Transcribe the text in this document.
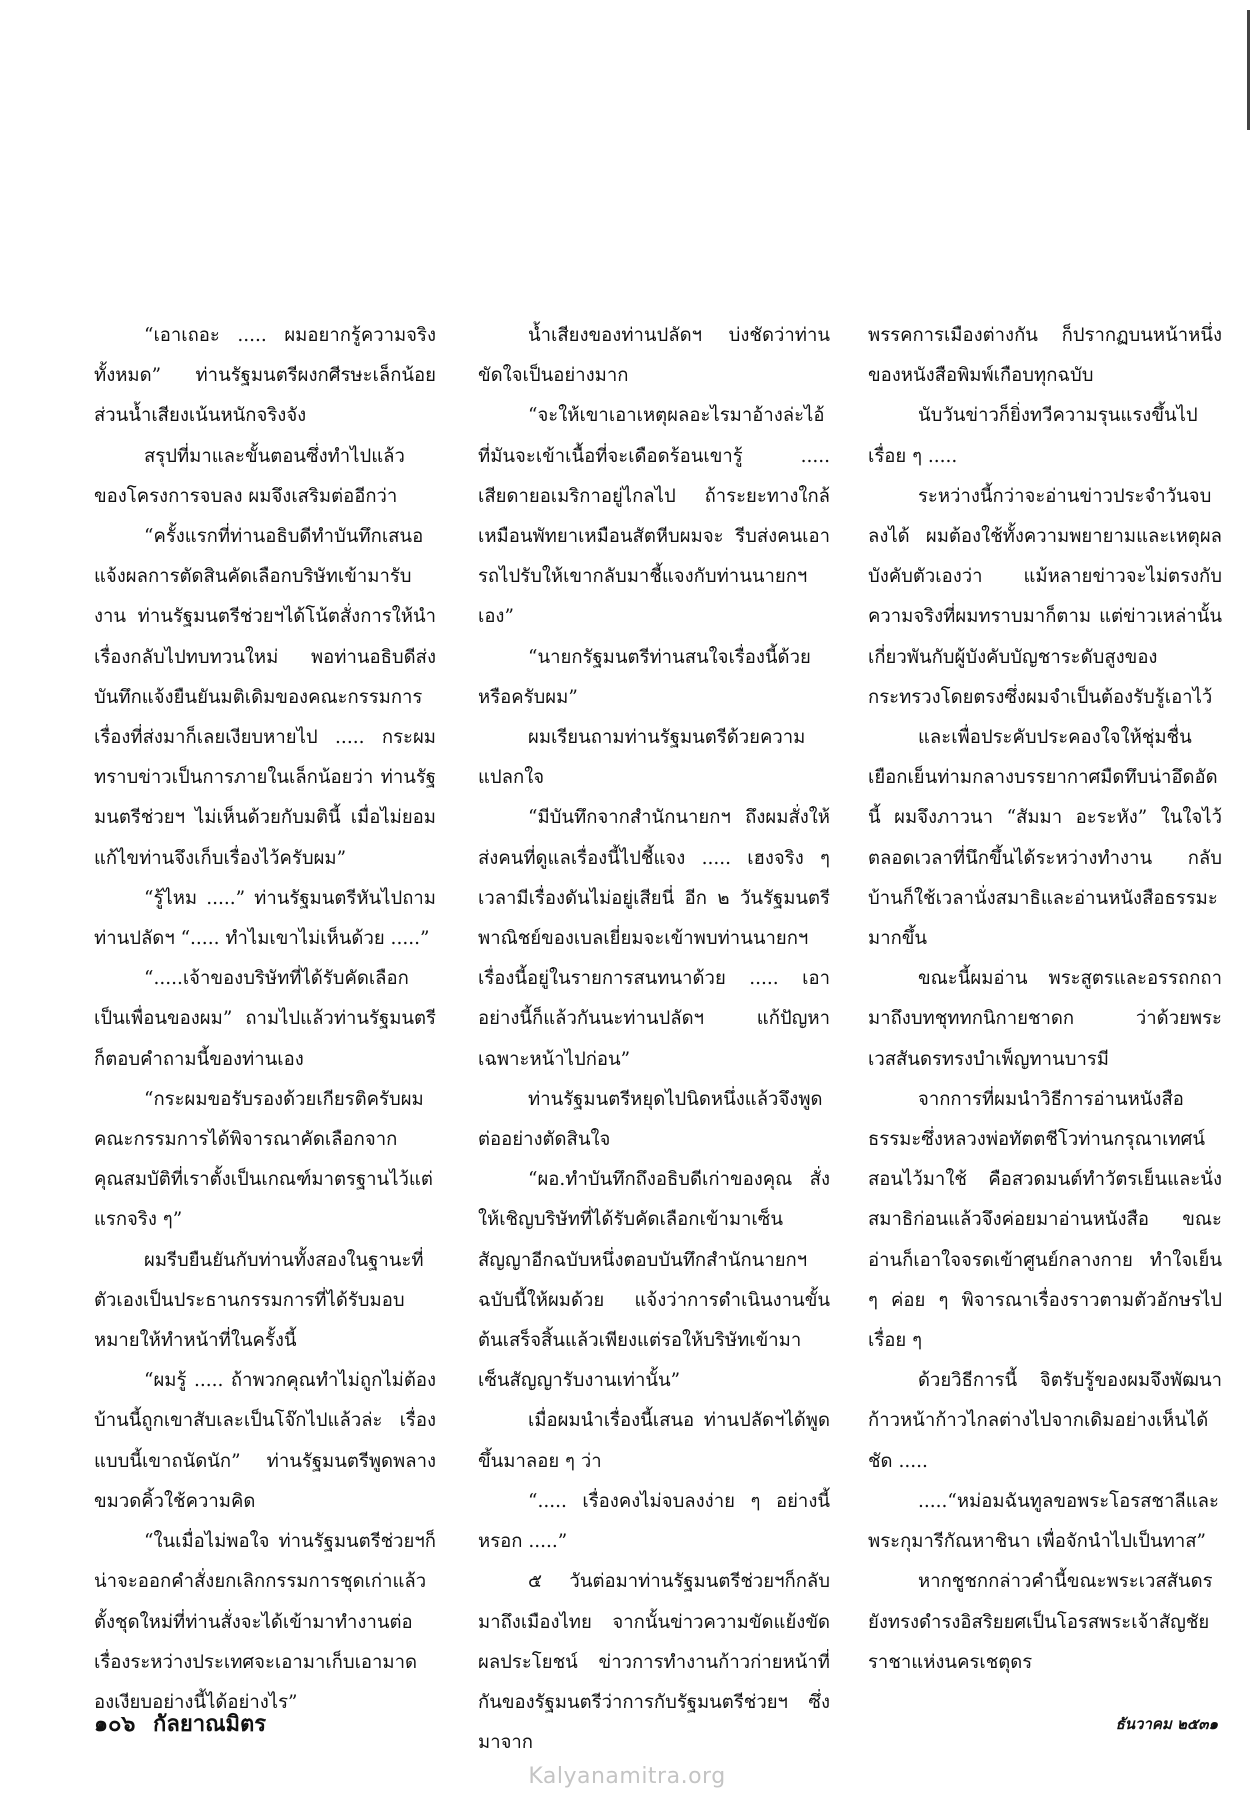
“เอาเถอะ ..... ผมอยากรู้ความจริงทั้งหมด” ท่านรัฐมนตรีผงกศีรษะเล็กน้อย ส่วนน้ำเสียงเน้นหนักจริงจัง

สรุปที่มาและขั้นตอนซึ่งทำไปแล้วของโครงการจบลง ผมจึงเสริมต่ออีกว่า

“ครั้งแรกที่ท่านอธิบดีทำบันทึกเสนอแจ้งผลการตัดสินคัดเลือกบริษัทเข้ามารับงาน ท่านรัฐมนตรีช่วยฯได้โน้ตสั่งการให้นำเรื่องกลับไปทบทวนใหม่ พอท่านอธิบดีส่งบันทึกแจ้งยืนยันมติเดิมของคณะกรรมการ เรื่องที่ส่งมาก็เลยเงียบหายไป ..... กระผมทราบข่าวเป็นการภายในเล็กน้อยว่า ท่านรัฐมนตรีช่วยฯ ไม่เห็นด้วยกับมตินี้ เมื่อไม่ยอมแก้ไขท่านจึงเก็บเรื่องไว้ครับผม”

“รู้ไหม .....” ท่านรัฐมนตรีหันไปถามท่านปลัดฯ “..... ทำไมเขาไม่เห็นด้วย .....”

“.....เจ้าของบริษัทที่ได้รับคัดเลือกเป็นเพื่อนของผม” ถามไปแล้วท่านรัฐมนตรีก็ตอบคำถามนี้ของท่านเอง

“กระผมขอรับรองด้วยเกียรติครับผม คณะกรรมการได้พิจารณาคัดเลือกจากคุณสมบัติที่เราตั้งเป็นเกณฑ์มาตรฐานไว้แต่แรกจริง ๆ”

ผมรีบยืนยันกับท่านทั้งสองในฐานะที่ตัวเองเป็นประธานกรรมการที่ได้รับมอบหมายให้ทำหน้าที่ในครั้งนี้

“ผมรู้ ..... ถ้าพวกคุณทำไม่ถูกไม่ต้องบ้านนี้ถูกเขาสับเละเป็นโจ๊กไปแล้วล่ะ เรื่องแบบนี้เขาถนัดนัก” ท่านรัฐมนตรีพูดพลางขมวดคิ้วใช้ความคิด

“ในเมื่อไม่พอใจ ท่านรัฐมนตรีช่วยฯก็น่าจะออกคำสั่งยกเลิกกรรมการชุดเก่าแล้วตั้งชุดใหม่ที่ท่านสั่งจะได้เข้ามาทำงานต่อ เรื่องระหว่างประเทศจะเอามาเก็บเอามาดองเงียบอย่างนี้ได้อย่างไร”

น้ำเสียงของท่านปลัดฯ บ่งชัดว่าท่านขัดใจเป็นอย่างมาก

“จะให้เขาเอาเหตุผลอะไรมาอ้างล่ะไอ้ที่มันจะเข้าเนื้อที่จะเดือดร้อนเขารู้ ..... เสียดายอเมริกาอยู่ไกลไป ถ้าระยะทางใกล้เหมือนพัทยาเหมือนสัตหีบผมจะ รีบส่งคนเอารถไปรับให้เขากลับมาชี้แจงกับท่านนายกฯเอง”

“นายกรัฐมนตรีท่านสนใจเรื่องนี้ด้วยหรือครับผม”

ผมเรียนถามท่านรัฐมนตรีด้วยความแปลกใจ

“มีบันทึกจากสำนักนายกฯ ถึงผมสั่งให้ส่งคนที่ดูแลเรื่องนี้ไปชี้แจง ..... เฮงจริง ๆ เวลามีเรื่องดันไม่อยู่เสียนี่ อีก ๒ วันรัฐมนตรีพาณิชย์ของเบลเยี่ยมจะเข้าพบท่านนายกฯ เรื่องนี้อยู่ในรายการสนทนาด้วย ..... เอาอย่างนี้ก็แล้วกันนะท่านปลัดฯ แก้ปัญหาเฉพาะหน้าไปก่อน”

ท่านรัฐมนตรีหยุดไปนิดหนึ่งแล้วจึงพูดต่ออย่างตัดสินใจ

“ผอ.ทำบันทึกถึงอธิบดีเก่าของคุณ สั่งให้เชิญบริษัทที่ได้รับคัดเลือกเข้ามาเซ็นสัญญาอีกฉบับหนึ่งตอบบันทึกสำนักนายกฯฉบับนี้ให้ผมด้วย แจ้งว่าการดำเนินงานขั้นต้นเสร็จสิ้นแล้วเพียงแต่รอให้บริษัทเข้ามาเซ็นสัญญารับงานเท่านั้น”

เมื่อผมนำเรื่องนี้เสนอ ท่านปลัดฯได้พูดขึ้นมาลอย ๆ ว่า

“..... เรื่องคงไม่จบลงง่าย ๆ อย่างนี้หรอก .....”

๕ วันต่อมาท่านรัฐมนตรีช่วยฯก็กลับมาถึงเมืองไทย จากนั้นข่าวความขัดแย้งขัดผลประโยชน์ ข่าวการทำงานก้าวก่ายหน้าที่กันของรัฐมนตรีว่าการกับรัฐมนตรีช่วยฯ ซึ่งมาจาก

พรรคการเมืองต่างกัน ก็ปรากฏบนหน้าหนึ่งของหนังสือพิมพ์เกือบทุกฉบับ

นับวันข่าวก็ยิ่งทวีความรุนแรงขึ้นไปเรื่อย ๆ .....

ระหว่างนี้กว่าจะอ่านข่าวประจำวันจบลงได้ ผมต้องใช้ทั้งความพยายามและเหตุผลบังคับตัวเองว่า แม้หลายข่าวจะไม่ตรงกับความจริงที่ผมทราบมาก็ตาม แต่ข่าวเหล่านั้นเกี่ยวพันกับผู้บังคับบัญชาระดับสูงของกระทรวงโดยตรงซึ่งผมจำเป็นต้องรับรู้เอาไว้

และเพื่อประคับประคองใจให้ชุ่มชื่นเยือกเย็นท่ามกลางบรรยากาศมืดทึบน่าอึดอัดนี้ ผมจึงภาวนา “สัมมา อะระหัง” ในใจไว้ตลอดเวลาที่นึกขึ้นได้ระหว่างทำงาน กลับบ้านก็ใช้เวลานั่งสมาธิและอ่านหนังสือธรรมะมากขึ้น

ขณะนี้ผมอ่าน พระสูตรและอรรถกถามาถึงบทชุททกนิกายชาดก ว่าด้วยพระเวสสันดรทรงบำเพ็ญทานบารมี

จากการที่ผมนำวิธีการอ่านหนังสือธรรมะซึ่งหลวงพ่อทัตตชีโวท่านกรุณาเทศน์สอนไว้มาใช้ คือสวดมนต์ทำวัตรเย็นและนั่งสมาธิก่อนแล้วจึงค่อยมาอ่านหนังสือ ขณะอ่านก็เอาใจจรดเข้าศูนย์กลางกาย ทำใจเย็น ๆ ค่อย ๆ พิจารณาเรื่องราวตามตัวอักษรไปเรื่อย ๆ

ด้วยวิธีการนี้ จิตรับรู้ของผมจึงพัฒนาก้าวหน้าก้าวไกลต่างไปจากเดิมอย่างเห็นได้ชัด .....

.....“หม่อมฉันทูลขอพระโอรสชาลีและพระกุมารีกัณหาชินา เพื่อจักนำไปเป็นทาส”

หากชูชกกล่าวคำนี้ขณะพระเวสสันดรยังทรงดำรงอิสริยยศเป็นโอรสพระเจ้าสัญชัยราชาแห่งนครเชตุดร

๑๐๖ กัลยาณมิตร	ธันวาคม ๒๕๓๑
Kalyanamitra.org
